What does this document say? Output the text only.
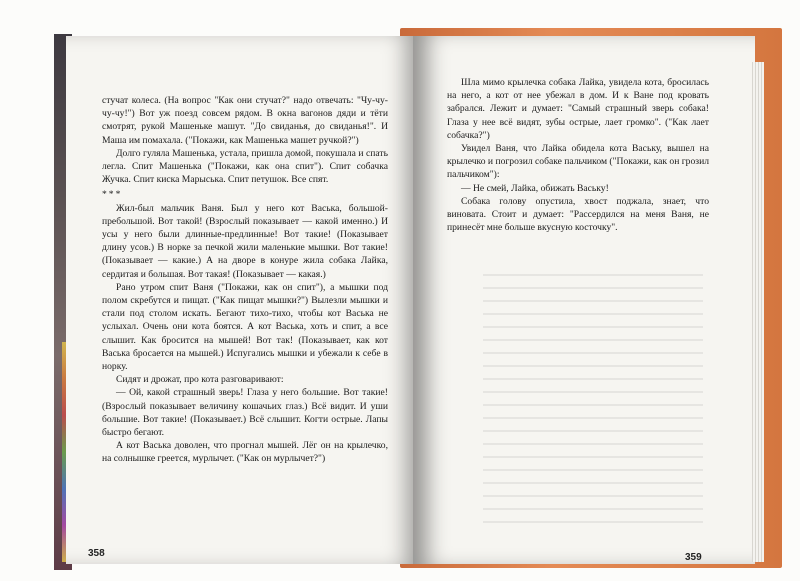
стучат колеса. (На вопрос "Как они стучат?" надо отвечать: "Чу-чу-чу-чу!") Вот уж поезд совсем рядом. В окна вагонов дяди и тёти смотрят, рукой Машеньке машут. "До свиданья, до свиданья!". И Маша им помахала. ("Покажи, как Машенька машет ручкой?")

Долго гуляла Машенька, устала, пришла домой, покушала и спать легла. Спит Машенька ("Покажи, как она спит"). Спит собачка Жучка. Спит киска Марыська. Спит петушок. Все спят.

***

Жил-был мальчик Ваня. Был у него кот Васька, большой-пребольшой. Вот такой! (Взрослый показывает — какой именно.) И усы у него были длинные-предлинные! Вот такие! (Показывает длину усов.) В норке за печкой жили маленькие мышки. Вот такие! (Показывает — какие.) А на дворе в конуре жила собака Лайка, сердитая и большая. Вот такая! (Показывает — какая.)

Рано утром спит Ваня ("Покажи, как он спит"), а мышки под полом скребутся и пищат. ("Как пищат мышки?") Вылезли мышки и стали под столом искать. Бегают тихо-тихо, чтобы кот Васька не услыхал. Очень они кота боятся. А кот Васька, хоть и спит, а все слышит. Как бросится на мышей! Вот так! (Показывает, как кот Васька бросается на мышей.) Испугались мышки и убежали к себе в норку.

Сидят и дрожат, про кота разговаривают:

— Ой, какой страшный зверь! Глаза у него большие. Вот такие! (Взрослый показывает величину кошачьих глаз.) Всё видит. И уши большие. Вот такие! (Показывает.) Всё слышит. Когти острые. Лапы быстро бегают.

А кот Васька доволен, что прогнал мышей. Лёг он на крылечко, на солнышке греется, мурлычет. ("Как он мурлычет?")

358

Шла мимо крылечка собака Лайка, увидела кота, бросилась на него, а кот от нее убежал в дом. И к Ване под кровать забрался. Лежит и думает: "Самый страшный зверь собака! Глаза у нее всё видят, зубы острые, лает громко". ("Как лает собачка?")

Увидел Ваня, что Лайка обидела кота Ваську, вышел на крылечко и погрозил собаке пальчиком ("Покажи, как он грозил пальчиком"):

— Не смей, Лайка, обижать Ваську!

Собака голову опустила, хвост поджала, знает, что виновата. Стоит и думает: "Рассердился на меня Ваня, не принесёт мне больше вкусную косточку".

359
